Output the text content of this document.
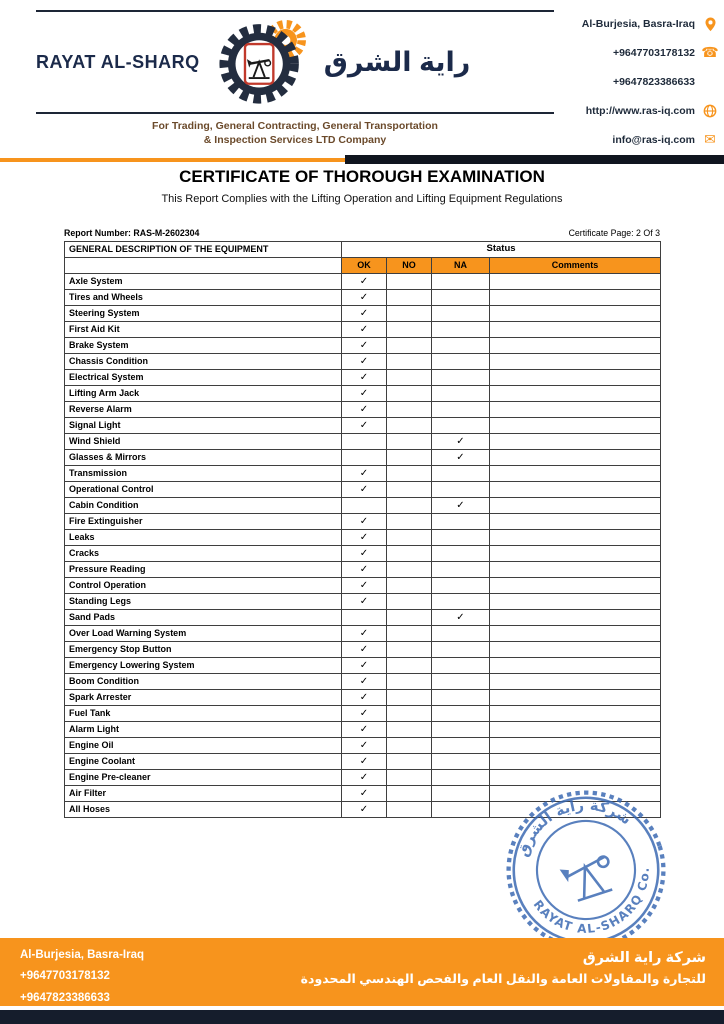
RAYAT AL-SHARQ	راية الشرق
For Trading, General Contracting, General Transportation
& Inspection Services LTD Company
Al-Burjesia, Basra-Iraq
+9647703178132 ☎
+9647823386633
http://www.ras-iq.com
info@ras-iq.com ✉
CERTIFICATE OF THOROUGH EXAMINATION
This Report Complies with the Lifting Operation and Lifting Equipment Regulations
Report Number: RAS-M-2602304	Certificate Page: 2 Of 3
GENERAL DESCRIPTION OF THE EQUIPMENT	Status			
	OK	NO	NA	Comments
Axle System	✓			
Tires and Wheels	✓			
Steering System	✓			
First Aid Kit	✓			
Brake System	✓			
Chassis Condition	✓			
Electrical System	✓			
Lifting Arm Jack	✓			
Reverse Alarm	✓			
Signal Light	✓			
Wind Shield			✓	
Glasses & Mirrors			✓	
Transmission	✓			
Operational Control	✓			
Cabin Condition			✓	
Fire Extinguisher	✓			
Leaks	✓			
Cracks	✓			
Pressure Reading	✓			
Control Operation	✓			
Standing Legs	✓			
Sand Pads			✓	
Over Load Warning System	✓			
Emergency Stop Button	✓			
Emergency Lowering System	✓			
Boom Condition	✓			
Spark Arrester	✓			
Fuel Tank	✓			
Alarm Light	✓			
Engine Oil	✓			
Engine Coolant	✓			
Engine Pre-cleaner	✓			
Air Filter	✓			
All Hoses	✓			
شركة راية الشرق
RAYAT AL-SHARQ Co.
Al-Burjesia, Basra-Iraq
+9647703178132
+9647823386633
شركة راية الشرق
للتجارة والمقاولات العامة والنقل العام والفحص الهندسي المحدودة
